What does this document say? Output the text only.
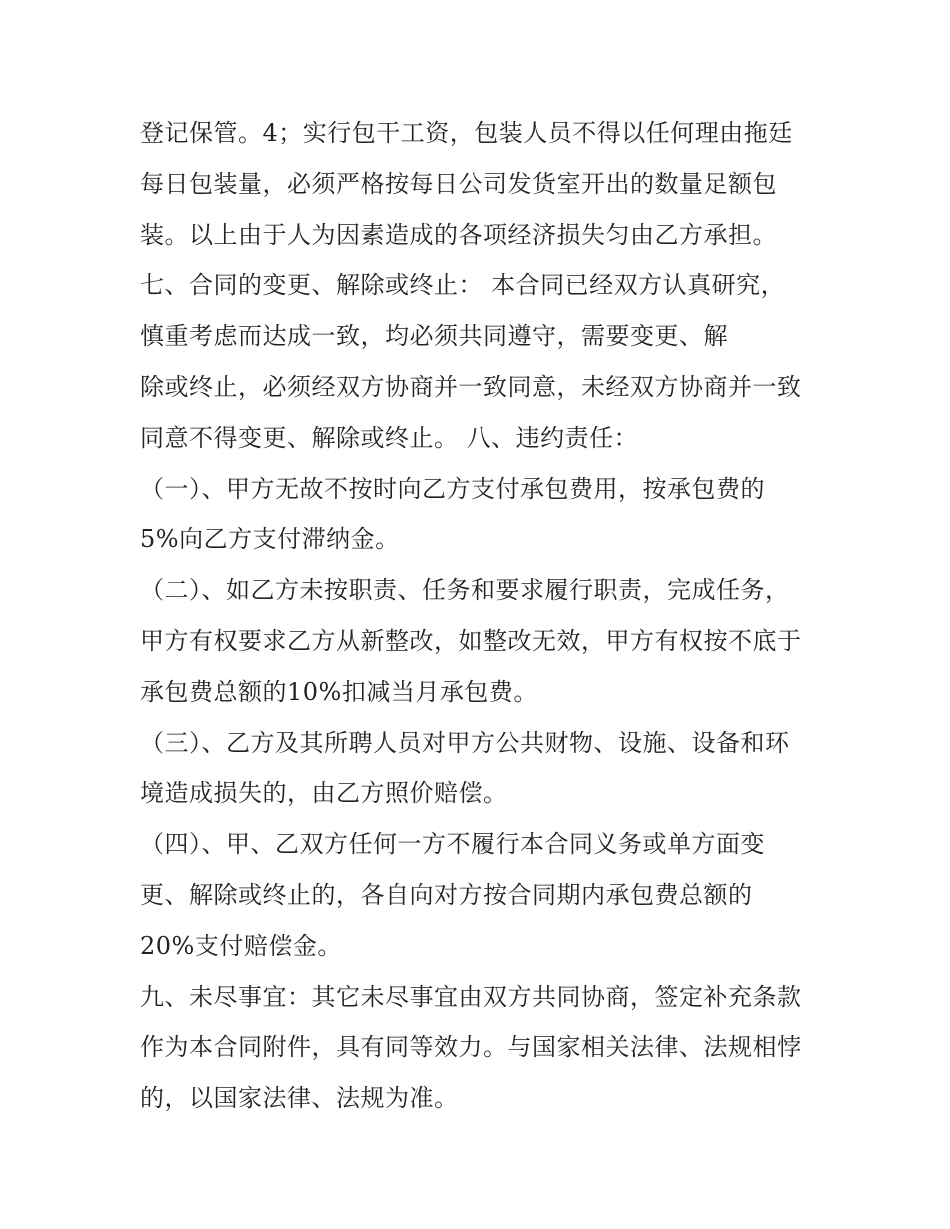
登记保管。4；实行包干工资，包装人员不得以任何理由拖廷
每日包装量，必须严格按每日公司发货室开出的数量足额包
装。以上由于人为因素造成的各项经济损失匀由乙方承担。
七、合同的变更、解除或终止： 本合同已经双方认真研究，
慎重考虑而达成一致，均必须共同遵守，需要变更、解
除或终止，必须经双方协商并一致同意，未经双方协商并一致
同意不得变更、解除或终止。 八、违约责任：
（一）、甲方无故不按时向乙方支付承包费用，按承包费的
5%向乙方支付滞纳金。
（二）、如乙方未按职责、任务和要求履行职责，完成任务，
甲方有权要求乙方从新整改，如整改无效，甲方有权按不底于
承包费总额的10%扣减当月承包费。
（三）、乙方及其所聘人员对甲方公共财物、设施、设备和环
境造成损失的，由乙方照价赔偿。
（四）、甲、乙双方任何一方不履行本合同义务或单方面变
更、解除或终止的，各自向对方按合同期内承包费总额的
20%支付赔偿金。
九、未尽事宜：其它未尽事宜由双方共同协商，签定补充条款
作为本合同附件，具有同等效力。与国家相关法律、法规相悖
的，以国家法律、法规为准。
